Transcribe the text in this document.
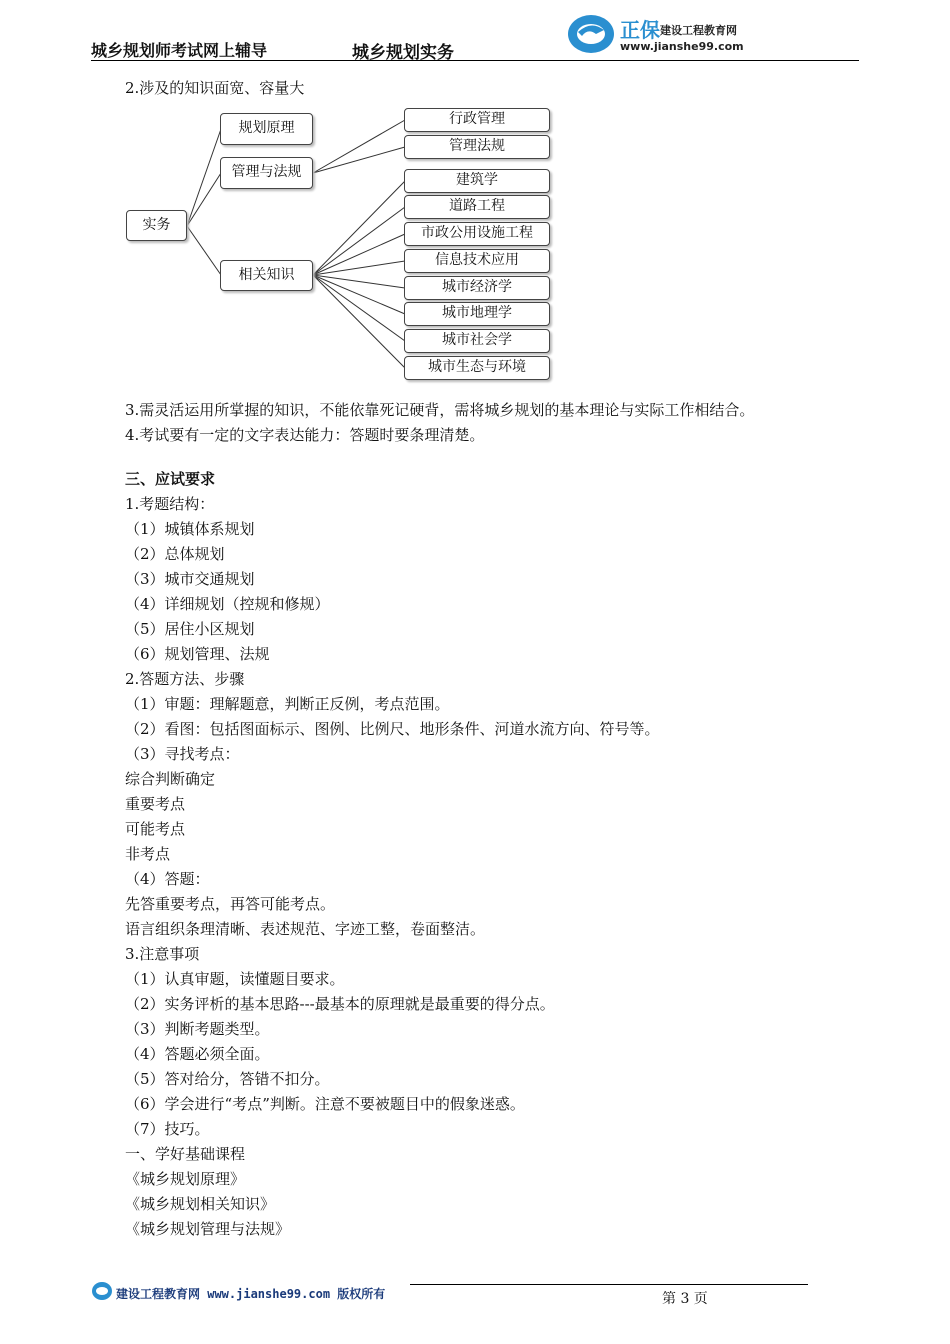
城乡规划师考试网上辅导	城乡规划实务
正保 建设工程教育网
www.jianshe99.com
2.涉及的知识面宽、容量大
实务
规划原理
管理与法规
相关知识
行政管理
管理法规
建筑学
道路工程
市政公用设施工程
信息技术应用
城市经济学
城市地理学
城市社会学
城市生态与环境
3.需灵活运用所掌握的知识，不能依靠死记硬背，需将城乡规划的基本理论与实际工作相结合。
4.考试要有一定的文字表达能力：答题时要条理清楚。
三、应试要求
1.考题结构：
（1）城镇体系规划
（2）总体规划
（3）城市交通规划
（4）详细规划（控规和修规）
（5）居住小区规划
（6）规划管理、法规
2.答题方法、步骤
（1）审题：理解题意，判断正反例，考点范围。
（2）看图：包括图面标示、图例、比例尺、地形条件、河道水流方向、符号等。
（3）寻找考点：
综合判断确定
重要考点
可能考点
非考点
（4）答题：
先答重要考点，再答可能考点。
语言组织条理清晰、表述规范、字迹工整，卷面整洁。
3.注意事项
（1）认真审题，读懂题目要求。
（2）实务评析的基本思路---最基本的原理就是最重要的得分点。
（3）判断考题类型。
（4）答题必须全面。
（5）答对给分，答错不扣分。
（6）学会进行“考点”判断。注意不要被题目中的假象迷惑。
（7）技巧。
一、学好基础课程
《城乡规划原理》
《城乡规划相关知识》
《城乡规划管理与法规》
建设工程教育网 www.jianshe99.com 版权所有	第 3 页
